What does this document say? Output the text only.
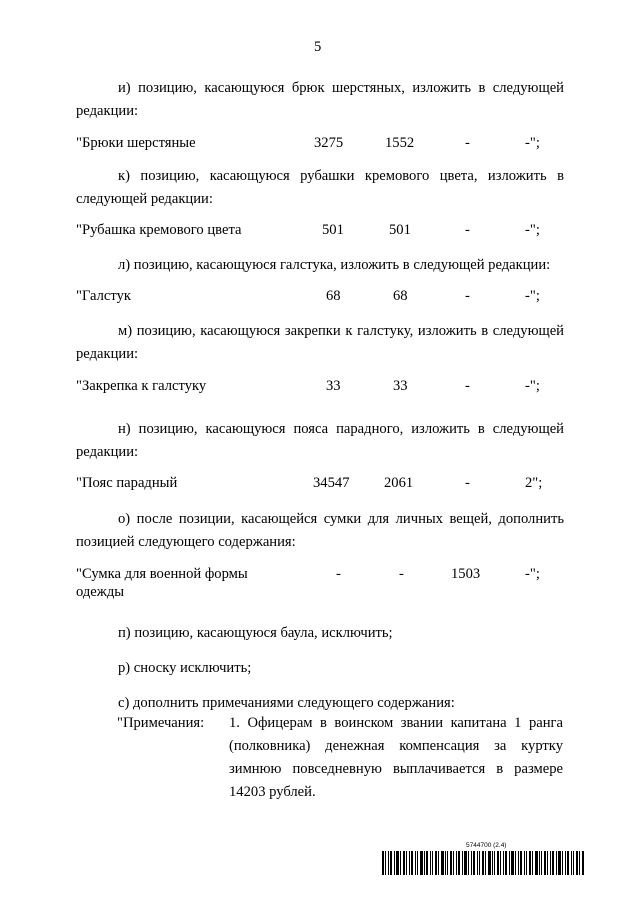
5
и) позицию, касающуюся брюк шерстяных, изложить в следующей редакции:
"Брюки шерстяные	3275	1552	-	-";
к) позицию, касающуюся рубашки кремового цвета, изложить в следующей редакции:
"Рубашка кремового цвета	501	501	-	-";
л) позицию, касающуюся галстука, изложить в следующей редакции:
"Галстук	68	68	-	-";
м) позицию, касающуюся закрепки к галстуку, изложить в следующей редакции:
"Закрепка к галстуку	33	33	-	-";
н) позицию, касающуюся пояса парадного, изложить в следующей редакции:
"Пояс парадный	34547 2061	-	2";
о) после позиции, касающейся сумки для личных вещей, дополнить позицией следующего содержания:
"Сумка для военной формы
одежды
-	-	1503	-";
п) позицию, касающуюся баула, исключить;
р) сноску исключить;
с) дополнить примечаниями следующего содержания:
"Примечания: 1. Офицерам в воинском звании капитана 1 ранга (полковника) денежная компенсация за куртку зимнюю повседневную выплачивается в размере 14203 рублей.
5744700 (2.4)
